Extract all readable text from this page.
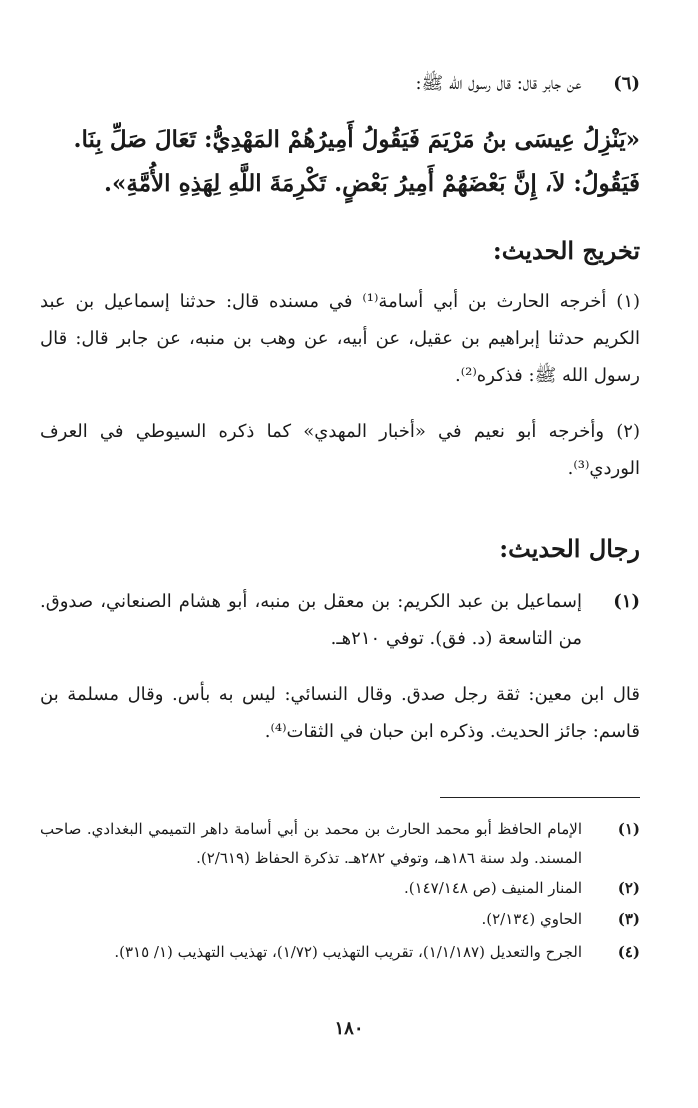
(٦) عن جابر قال: قال رسول الله ﷺ:
«يَنْزِلُ عِيسَى بنُ مَرْيَمَ فَيَقُولُ أَمِيرُهُمْ المَهْدِيُّ: تَعَالَ صَلِّ بِنَا.
فَيَقُولُ: لاَ، إِنَّ بَعْضَهُمْ أَمِيرُ بَعْضٍ. تَكْرِمَةَ اللَّهِ لِهَذِهِ الأُمَّةِ».
تخريج الحديث:
(١) أخرجه الحارث بن أبي أسامة⁽¹⁾ في مسنده قال: حدثنا إسماعيل بن عبد الكريم حدثنا إبراهيم بن عقيل، عن أبيه، عن وهب بن منبه، عن جابر قال: قال رسول الله ﷺ: فذكره⁽²⁾.
(٢) وأخرجه أبو نعيم في «أخبار المهدي» كما ذكره السيوطي في العرف الوردي⁽³⁾.
رجال الحديث:
(١)
إسماعيل بن عبد الكريم: بن معقل بن منبه، أبو هشام الصنعاني، صدوق. من التاسعة (د. فق). توفي ٢١٠هـ.
قال ابن معين: ثقة رجل صدق. وقال النسائي: ليس به بأس. وقال مسلمة بن قاسم: جائز الحديث. وذكره ابن حبان في الثقات⁽⁴⁾.
(١)
الإمام الحافظ أبو محمد الحارث بن محمد بن أبي أسامة داهر التميمي البغدادي. صاحب المسند. ولد سنة ١٨٦هـ، وتوفي ٢٨٢هـ. تذكرة الحفاظ (٢/٦١٩).
(٢)
المنار المنيف (ص ١٤٧/١٤٨).
(٣)
الحاوي (٢/١٣٤).
(٤)
الجرح والتعديل (١/١/١٨٧)، تقريب التهذيب (١/٧٢)، تهذيب التهذيب (١/ ٣١٥).
١٨٠
